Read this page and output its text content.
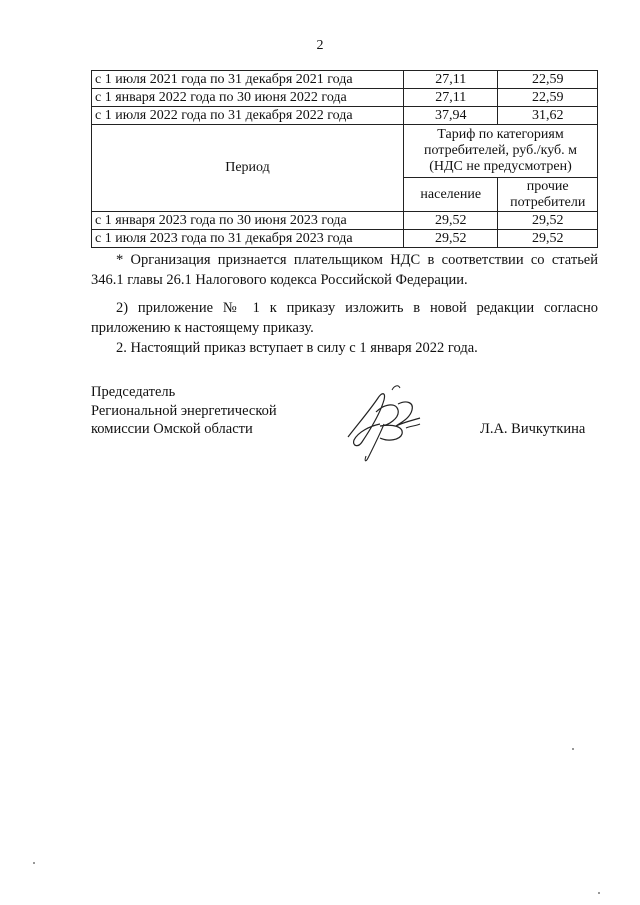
2
с 1 июля 2021 года по 31 декабря 2021 года	27,11	22,59
с 1 января 2022 года по 30 июня 2022 года	27,11	22,59
с 1 июля 2022 года по 31 декабря 2022 года	37,94	31,62
Период	Тариф по категориям потребителей, руб./куб. м (НДС не предусмотрен)	
	население	прочие потребители
с 1 января 2023 года по 30 июня 2023 года	29,52	29,52
с 1 июля 2023 года по 31 декабря 2023 года	29,52	29,52
* Организация признается плательщиком НДС в соответствии со статьей 346.1 главы 26.1 Налогового кодекса Российской Федерации.
2) приложение № 1 к приказу изложить в новой редакции согласно приложению к настоящему приказу.
2. Настоящий приказ вступает в силу с 1 января 2022 года.
Председатель
Региональной энергетической
комиссии Омской области	Л.А. Вичкуткина
